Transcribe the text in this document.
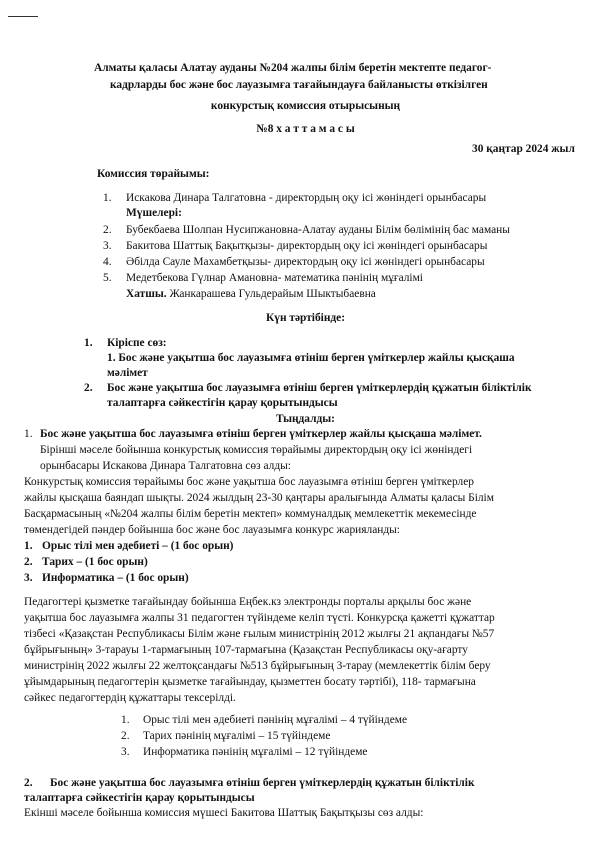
Алматы қаласы Алатау ауданы №204 жалпы білім беретін мектепте педагог-
кадрларды бос және бос лауазымға тағайындауға байланысты өткізілген
конкурстық комиссия отырысының
№8 х а т т а м а с ы
30 қаңтар 2024 жыл
Комиссия төрайымы:
1. Искакова Динара Талгатовна - директордың оқу ісі жөніндегі орынбасары
Мүшелері:
2. Бубекбаева Шолпан Нусипжановна-Алатау ауданы Білім бөлімінің бас маманы
3. Бакитова Шаттық Бақытқызы- директордың оқу ісі жөніндегі орынбасары
4. Әбілда Сауле Махамбетқызы- директордың оқу ісі жөніндегі орынбасары
5. Медетбекова Гүлнар Амановна- математика пәнінің мұғалімі
Хатшы. Жанкарашева Гульдерайым Шыктыбаевна
Күн тәртібінде:
1. Кіріспе сөз:
1. Бос және уақытша бос лауазымға өтініш берген үміткерлер жайлы қысқаша
мәлімет
2. Бос және уақытша бос лауазымға өтініш берген үміткерлердің құжатын біліктілік
талаптарға сәйкестігін қарау қорытындысы
Тыңдалды:
1. Бос және уақытша бос лауазымға өтініш берген үміткерлер жайлы қысқаша мәлімет.
Бірінші мәселе бойынша конкурстық комиссия төрайымы директордың оқу ісі жөніндегі
орынбасары Искакова Динара Талгатовна сөз алды:
Конкурстық комиссия төрайымы бос және уақытша бос лауазымға өтініш берген үміткерлер
жайлы қысқаша баяндап шықты. 2024 жылдың 23-30 қаңтары аралығында Алматы қаласы Білім
Басқармасының «№204 жалпы білім беретін мектеп» коммуналдық мемлекеттік мекемесінде
төмендегідей пәндер бойынша бос және бос лауазымға конкурс жарияланды:
1. Орыс тілі мен әдебиеті – (1 бос орын)
2. Тарих – (1 бос орын)
3. Информатика – (1 бос орын)
Педагогтері қызметке тағайындау бойынша Еңбек.кз электронды порталы арқылы бос және
уақытша бос лауазымға жалпы 31 педагогтен түйіндеме келіп түсті. Конкурсқа қажетті құжаттар
тізбесі «Қазақстан Республикасы Білім және ғылым министрінің 2012 жылғы 21 ақпандағы №57
бұйрығының» 3-тарауы 1-тармағының 107-тармағына (Қазақстан Республикасы оқу-ағарту
министрінің 2022 жылғы 22 желтоқсандағы №513 бұйрығының 3-тарау (мемлекеттік білім беру
ұйымдарының педагогтерін қызметке тағайындау, қызметтен босату тәртібі), 118- тармағына
сәйкес педагогтердің құжаттары тексерілді.
1. Орыс тілі мен әдебиеті пәнінің мұғалімі – 4 түйіндеме
2. Тарих пәнінің мұғалімі – 15 түйіндеме
3. Информатика пәнінің мұғалімі – 12 түйіндеме
2. Бос және уақытша бос лауазымға өтініш берген үміткерлердің құжатын біліктілік
талаптарға сәйкестігін қарау қорытындысы
Екінші мәселе бойынша комиссия мүшесі Бакитова Шаттық Бақытқызы сөз алды:
